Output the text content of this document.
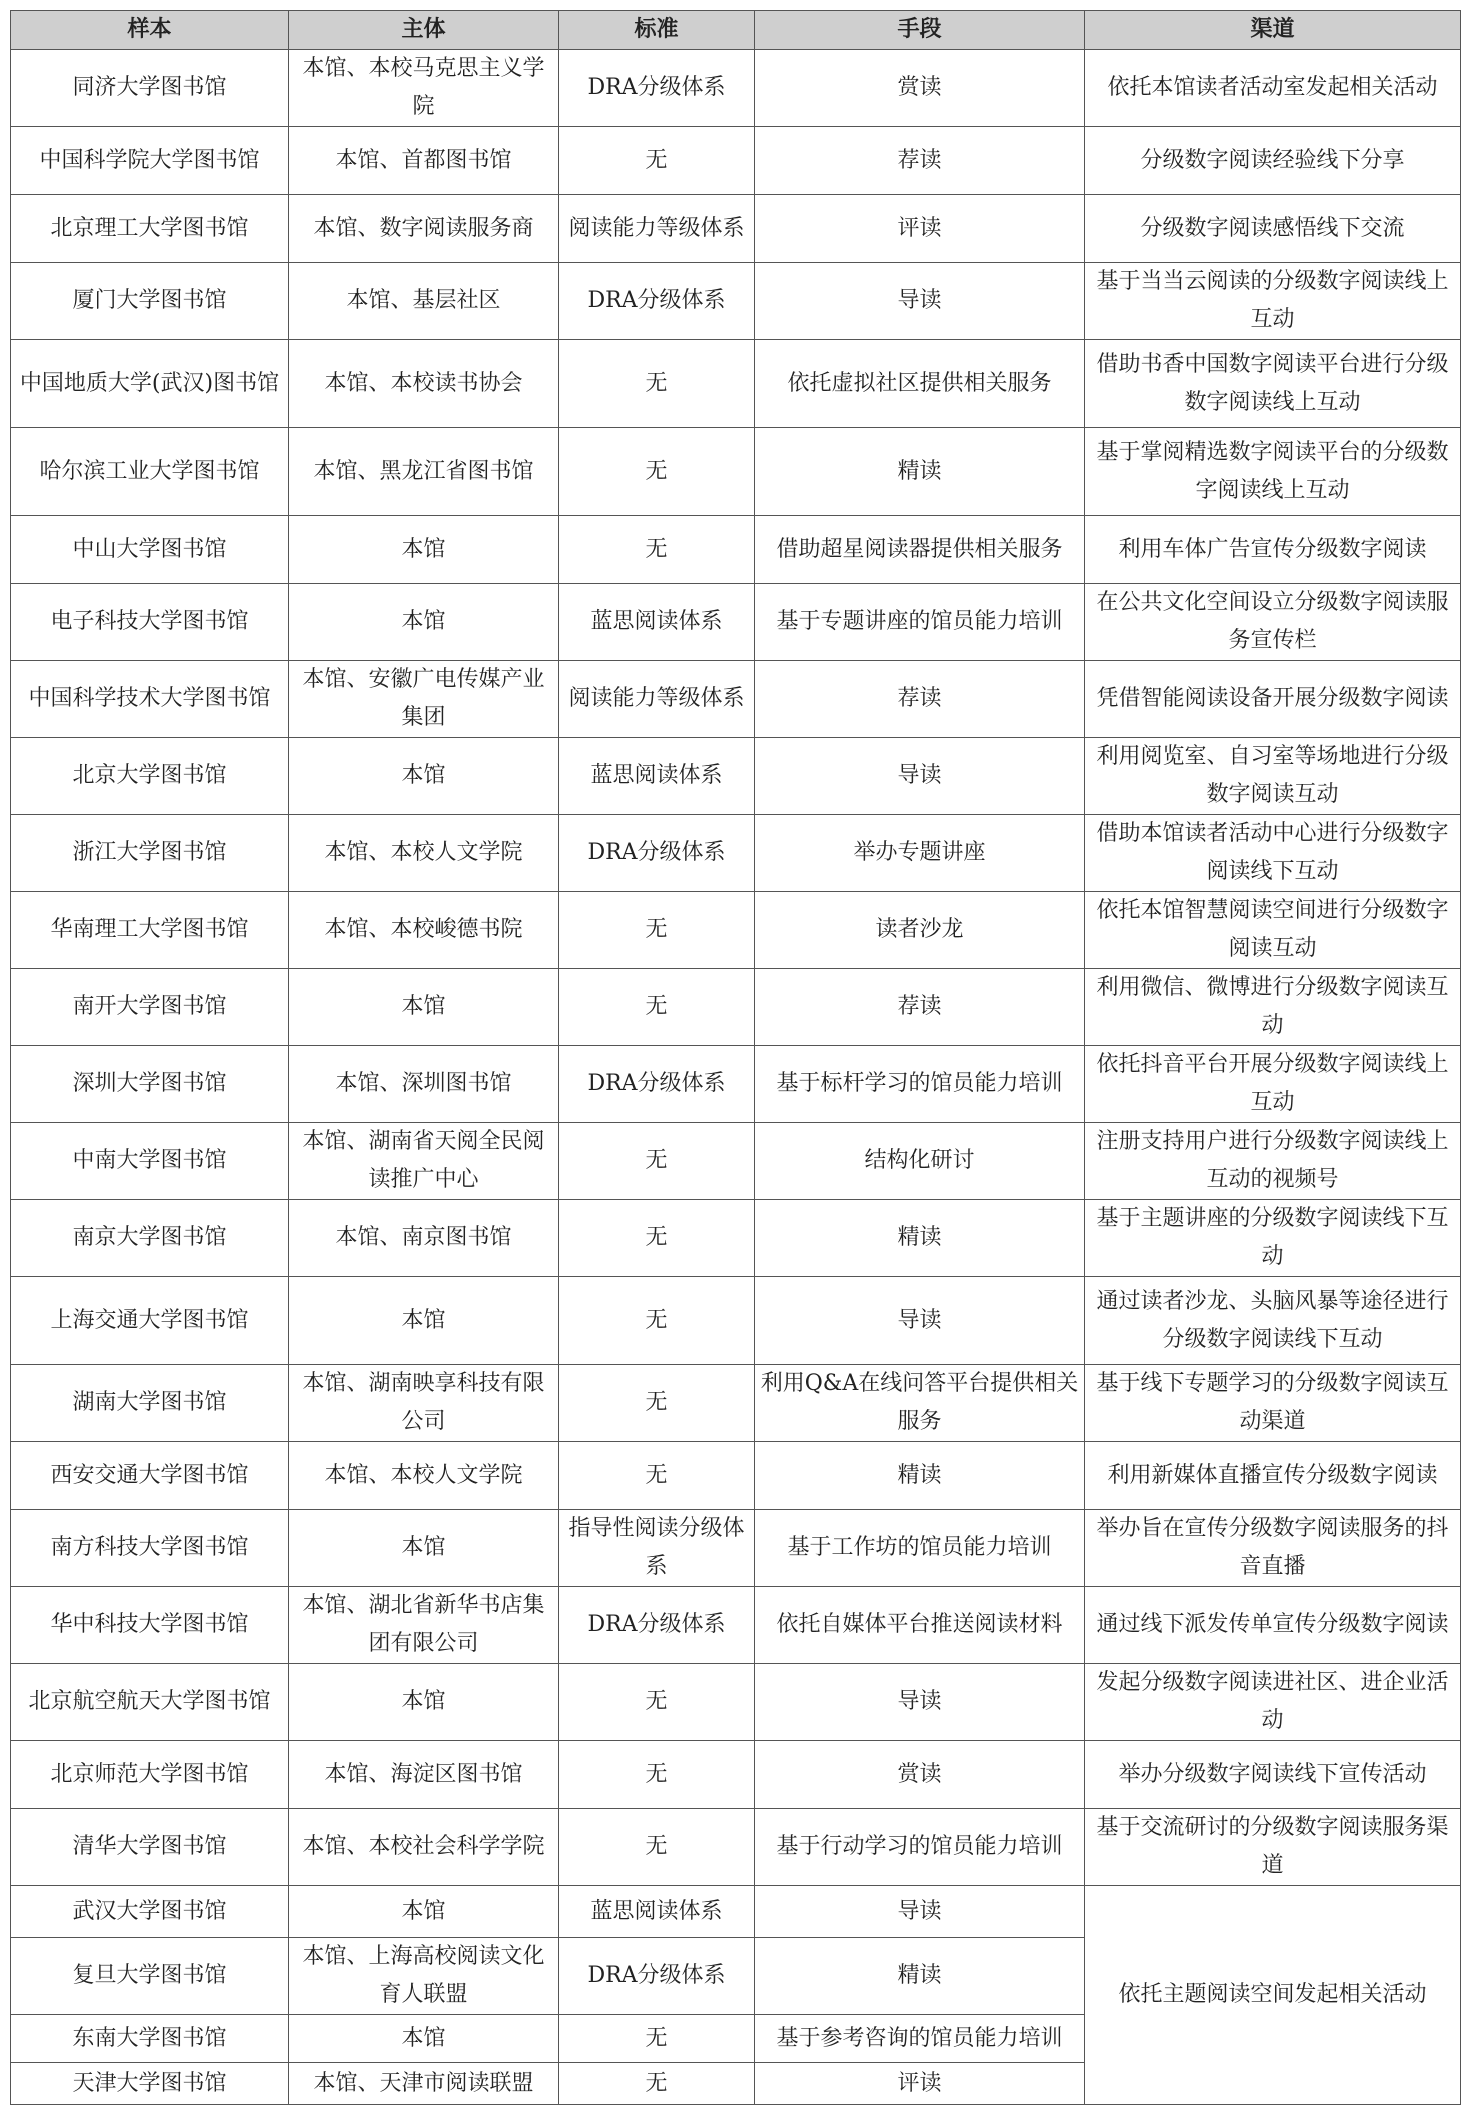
样本	主体	标准	手段	渠道
同济大学图书馆	本馆、本校马克思主义学院	DRA分级体系	赏读	依托本馆读者活动室发起相关活动
中国科学院大学图书馆	本馆、首都图书馆	无	荐读	分级数字阅读经验线下分享
北京理工大学图书馆	本馆、数字阅读服务商	阅读能力等级体系	评读	分级数字阅读感悟线下交流
厦门大学图书馆	本馆、基层社区	DRA分级体系	导读	基于当当云阅读的分级数字阅读线上互动
中国地质大学(武汉)图书馆	本馆、本校读书协会	无	依托虚拟社区提供相关服务	借助书香中国数字阅读平台进行分级数字阅读线上互动
哈尔滨工业大学图书馆	本馆、黑龙江省图书馆	无	精读	基于掌阅精选数字阅读平台的分级数字阅读线上互动
中山大学图书馆	本馆	无	借助超星阅读器提供相关服务	利用车体广告宣传分级数字阅读
电子科技大学图书馆	本馆	蓝思阅读体系	基于专题讲座的馆员能力培训	在公共文化空间设立分级数字阅读服务宣传栏
中国科学技术大学图书馆	本馆、安徽广电传媒产业集团	阅读能力等级体系	荐读	凭借智能阅读设备开展分级数字阅读
北京大学图书馆	本馆	蓝思阅读体系	导读	利用阅览室、自习室等场地进行分级数字阅读互动
浙江大学图书馆	本馆、本校人文学院	DRA分级体系	举办专题讲座	借助本馆读者活动中心进行分级数字阅读线下互动
华南理工大学图书馆	本馆、本校峻德书院	无	读者沙龙	依托本馆智慧阅读空间进行分级数字阅读互动
南开大学图书馆	本馆	无	荐读	利用微信、微博进行分级数字阅读互动
深圳大学图书馆	本馆、深圳图书馆	DRA分级体系	基于标杆学习的馆员能力培训	依托抖音平台开展分级数字阅读线上互动
中南大学图书馆	本馆、湖南省天阅全民阅读推广中心	无	结构化研讨	注册支持用户进行分级数字阅读线上互动的视频号
南京大学图书馆	本馆、南京图书馆	无	精读	基于主题讲座的分级数字阅读线下互动
上海交通大学图书馆	本馆	无	导读	通过读者沙龙、头脑风暴等途径进行分级数字阅读线下互动
湖南大学图书馆	本馆、湖南映享科技有限公司	无	利用Q&A在线问答平台提供相关服务	基于线下专题学习的分级数字阅读互动渠道
西安交通大学图书馆	本馆、本校人文学院	无	精读	利用新媒体直播宣传分级数字阅读
南方科技大学图书馆	本馆	指导性阅读分级体系	基于工作坊的馆员能力培训	举办旨在宣传分级数字阅读服务的抖音直播
华中科技大学图书馆	本馆、湖北省新华书店集团有限公司	DRA分级体系	依托自媒体平台推送阅读材料	通过线下派发传单宣传分级数字阅读
北京航空航天大学图书馆	本馆	无	导读	发起分级数字阅读进社区、进企业活动
北京师范大学图书馆	本馆、海淀区图书馆	无	赏读	举办分级数字阅读线下宣传活动
清华大学图书馆	本馆、本校社会科学学院	无	基于行动学习的馆员能力培训	基于交流研讨的分级数字阅读服务渠道
武汉大学图书馆	本馆	蓝思阅读体系	导读	依托主题阅读空间发起相关活动
复旦大学图书馆	本馆、上海高校阅读文化育人联盟	DRA分级体系	精读	
东南大学图书馆	本馆	无	基于参考咨询的馆员能力培训	
天津大学图书馆	本馆、天津市阅读联盟	无	评读	
